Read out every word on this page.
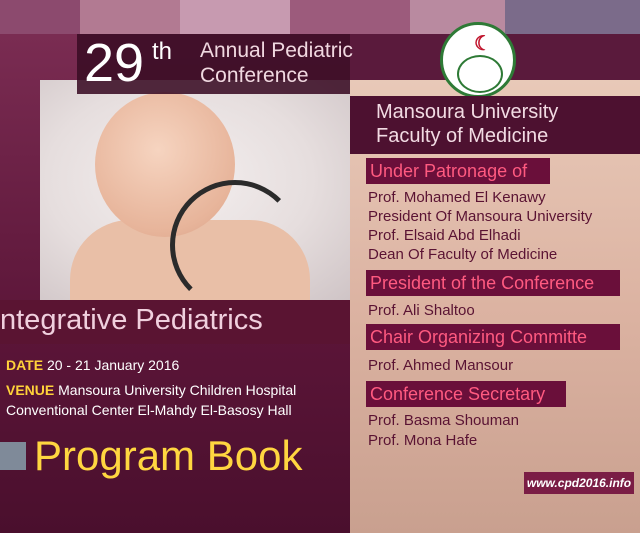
29 th Annual Pediatric
Conference
☾
Mansoura University
Faculty of Medicine
Under Patronage of
Prof. Mohamed El Kenawy
President Of Mansoura University
Prof. Elsaid Abd Elhadi
Dean Of Faculty of Medicine
President of the Conference
Prof. Ali Shaltoo
Chair Organizing Committe
Prof. Ahmed Mansour
Conference Secretary
Prof. Basma Shouman
Prof. Mona Hafe
ntegrative Pediatrics
DATE 20 - 21 January 2016
VENUE Mansoura University Children Hospital
Conventional Center El-Mahdy El-Basosy Hall
Program Book
www.cpd2016.info
